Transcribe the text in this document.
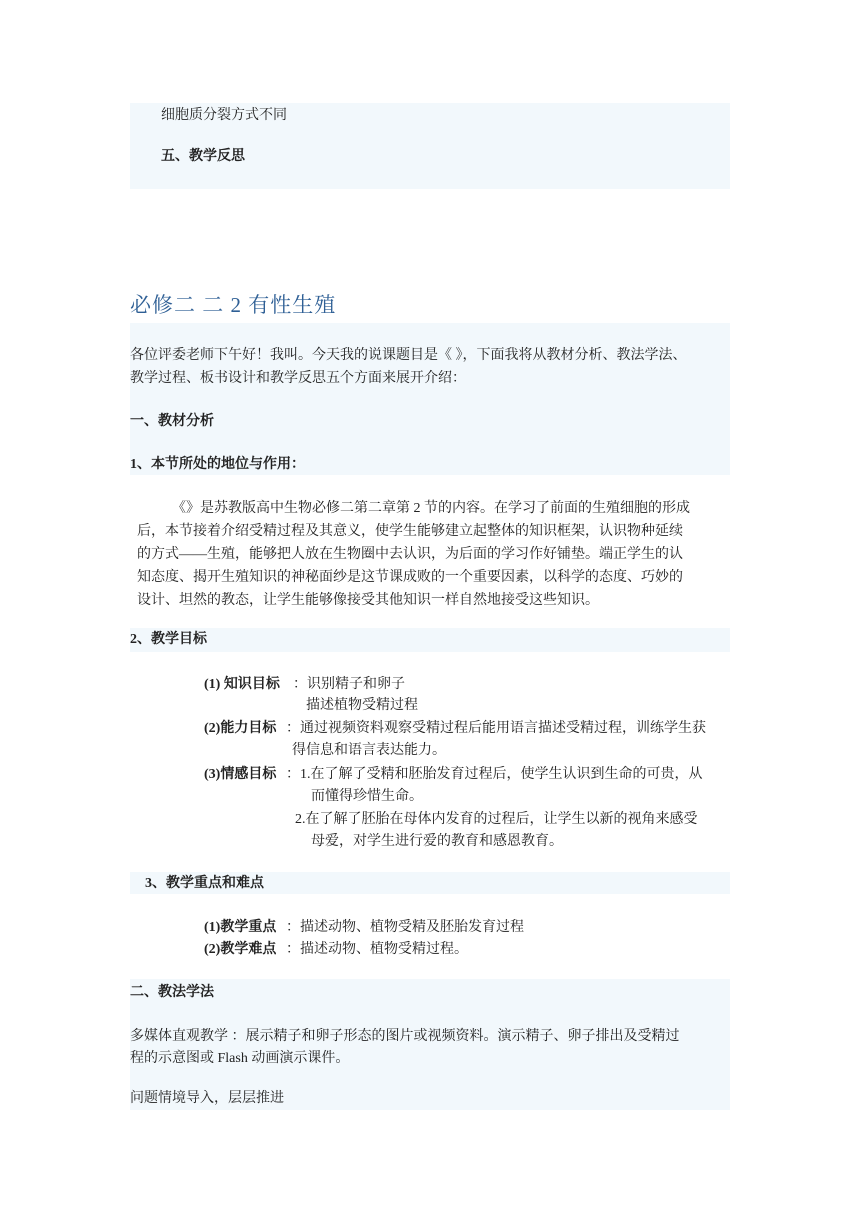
细胞质分裂方式不同
五、教学反思
必修二 二 2 有性生殖
各位评委老师下午好！我叫。今天我的说课题目是《 》，下面我将从教材分析、教法学法、
教学过程、板书设计和教学反思五个方面来展开介绍：
一、教材分析
1、本节所处的地位与作用：
《》是苏教版高中生物必修二第二章第 2 节的内容。在学习了前面的生殖细胞的形成
后，本节接着介绍受精过程及其意义，使学生能够建立起整体的知识框架，认识物种延续
的方式——生殖，能够把人放在生物圈中去认识，为后面的学习作好铺垫。端正学生的认
知态度、揭开生殖知识的神秘面纱是这节课成败的一个重要因素，以科学的态度、巧妙的
设计、坦然的教态，让学生能够像接受其他知识一样自然地接受这些知识。
2、教学目标
(1) 知识目标 ：识别精子和卵子
描述植物受精过程
(2)能力目标 ：通过视频资料观察受精过程后能用语言描述受精过程，训练学生获
得信息和语言表达能力。
(3)情感目标 ：1.在了解了受精和胚胎发育过程后，使学生认识到生命的可贵，从
而懂得珍惜生命。
2.在了解了胚胎在母体内发育的过程后，让学生以新的视角来感受
母爱，对学生进行爱的教育和感恩教育。
3、教学重点和难点
(1)教学重点 ：描述动物、植物受精及胚胎发育过程
(2)教学难点 ：描述动物、植物受精过程。
二、教法学法
多媒体直观教学 ：展示精子和卵子形态的图片或视频资料。演示精子、卵子排出及受精过
程的示意图或 Flash 动画演示课件。
问题情境导入，层层推进
